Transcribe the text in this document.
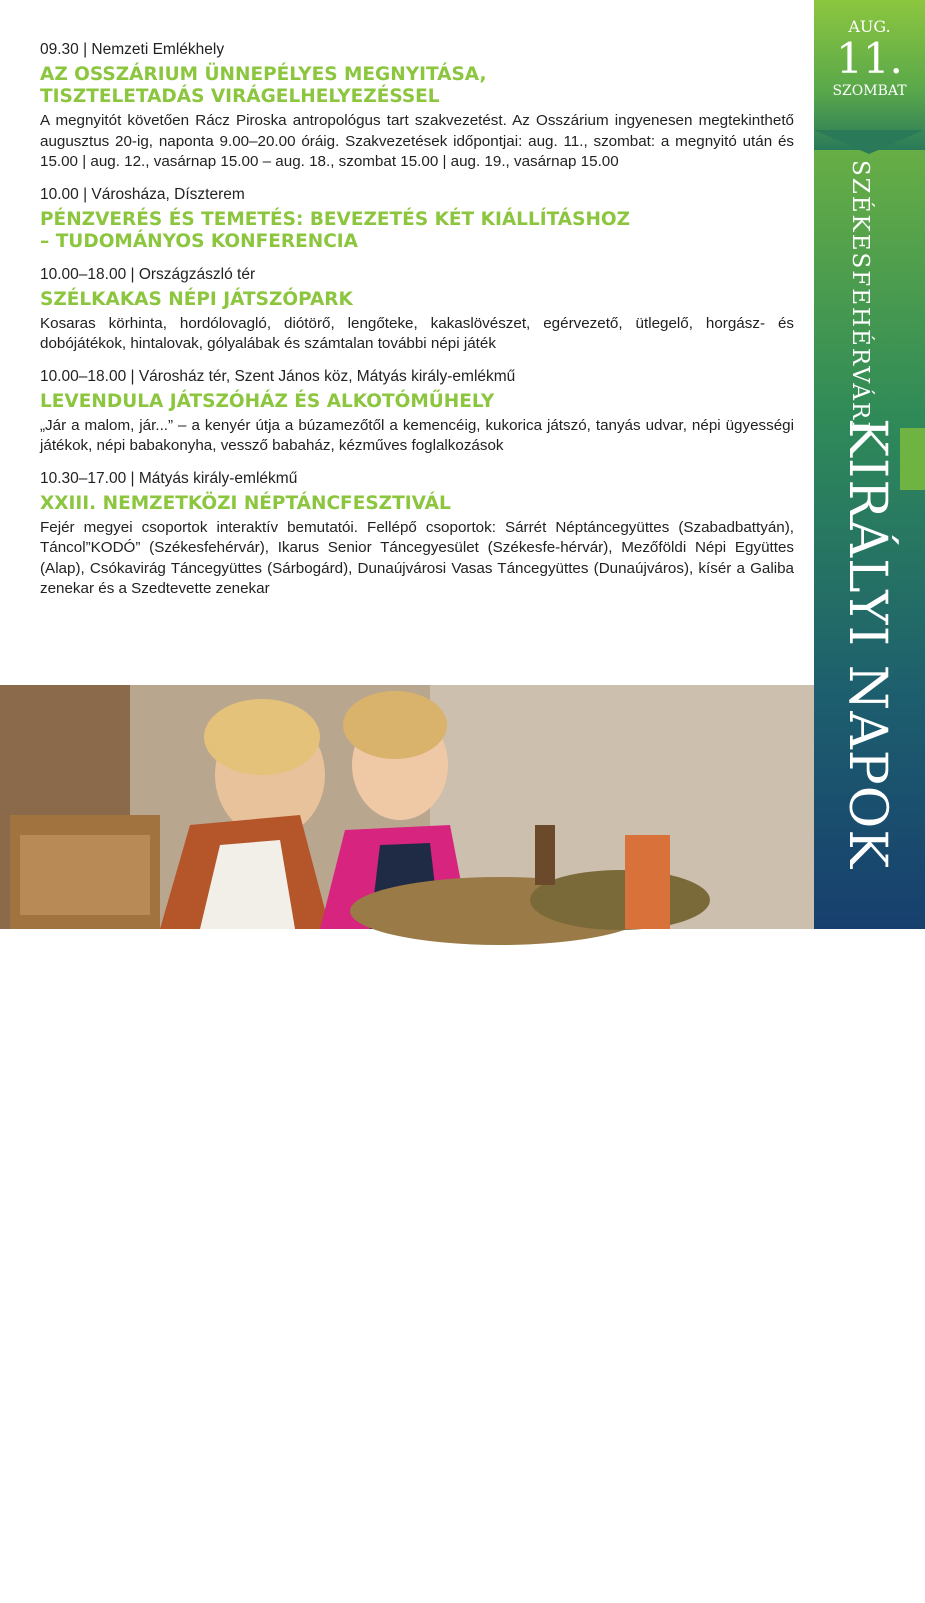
09.30 | Nemzeti Emlékhely

AZ OSSZÁRIUM ÜNNEPÉLYES MEGNYITÁSA,

TISZTELETADÁS VIRÁGELHELYEZÉSSEL

A megnyitót követően Rácz Piroska antropológus tart szakvezetést. Az Osszárium ingyenesen megtekinthető augusztus 20-ig, naponta 9.00–20.00 óráig. Szakvezetések időpontjai: aug. 11., szombat: a megnyitó után és 15.00 | aug. 12., vasárnap 15.00 – aug. 18., szombat 15.00 | aug. 19., vasárnap 15.00

10.00 | Városháza, Díszterem

PÉNZVERÉS ÉS TEMETÉS: BEVEZETÉS KÉT KIÁLLÍTÁSHOZ

– TUDOMÁNYOS KONFERENCIA

10.00–18.00 | Országzászló tér

SZÉLKAKAS NÉPI JÁTSZÓPARK

Kosaras körhinta, hordólovagló, diótörő, lengőteke, kakaslövészet, egérvezető, ütlegelő, horgász- és dobójátékok, hintalovak, gólyalábak és számtalan további népi játék

10.00–18.00 | Városház tér, Szent János köz, Mátyás király-emlékmű

LEVENDULA JÁTSZÓHÁZ ÉS ALKOTÓMŰHELY

„Jár a malom, jár...” – a kenyér útja a búzamezőtől a kemencéig, kukorica játszó, tanyás udvar, népi ügyességi játékok, népi babakonyha, vessző babaház, kézműves foglalkozások

10.30–17.00 | Mátyás király-emlékmű

XXIII. NEMZETKÖZI NÉPTÁNCFESZTIVÁL

Fejér megyei csoportok interaktív bemutatói. Fellépő csoportok: Sárrét Néptáncegyüttes (Szabadbattyán), Táncol”KODÓ” (Székesfehérvár), Ikarus Senior Táncegyesület (Székesfe-hérvár), Mezőföldi Népi Együttes (Alap), Csókavirág Táncegyüttes (Sárbogárd), Dunaújvárosi Vasas Táncegyüttes (Dunaújváros), kísér a Galiba zenekar és a Szedtevette zenekar

AUG.
11.
SZOMBAT
SZÉKESFEHÉRVÁRI
KIRÁLYI NAPOK
5
